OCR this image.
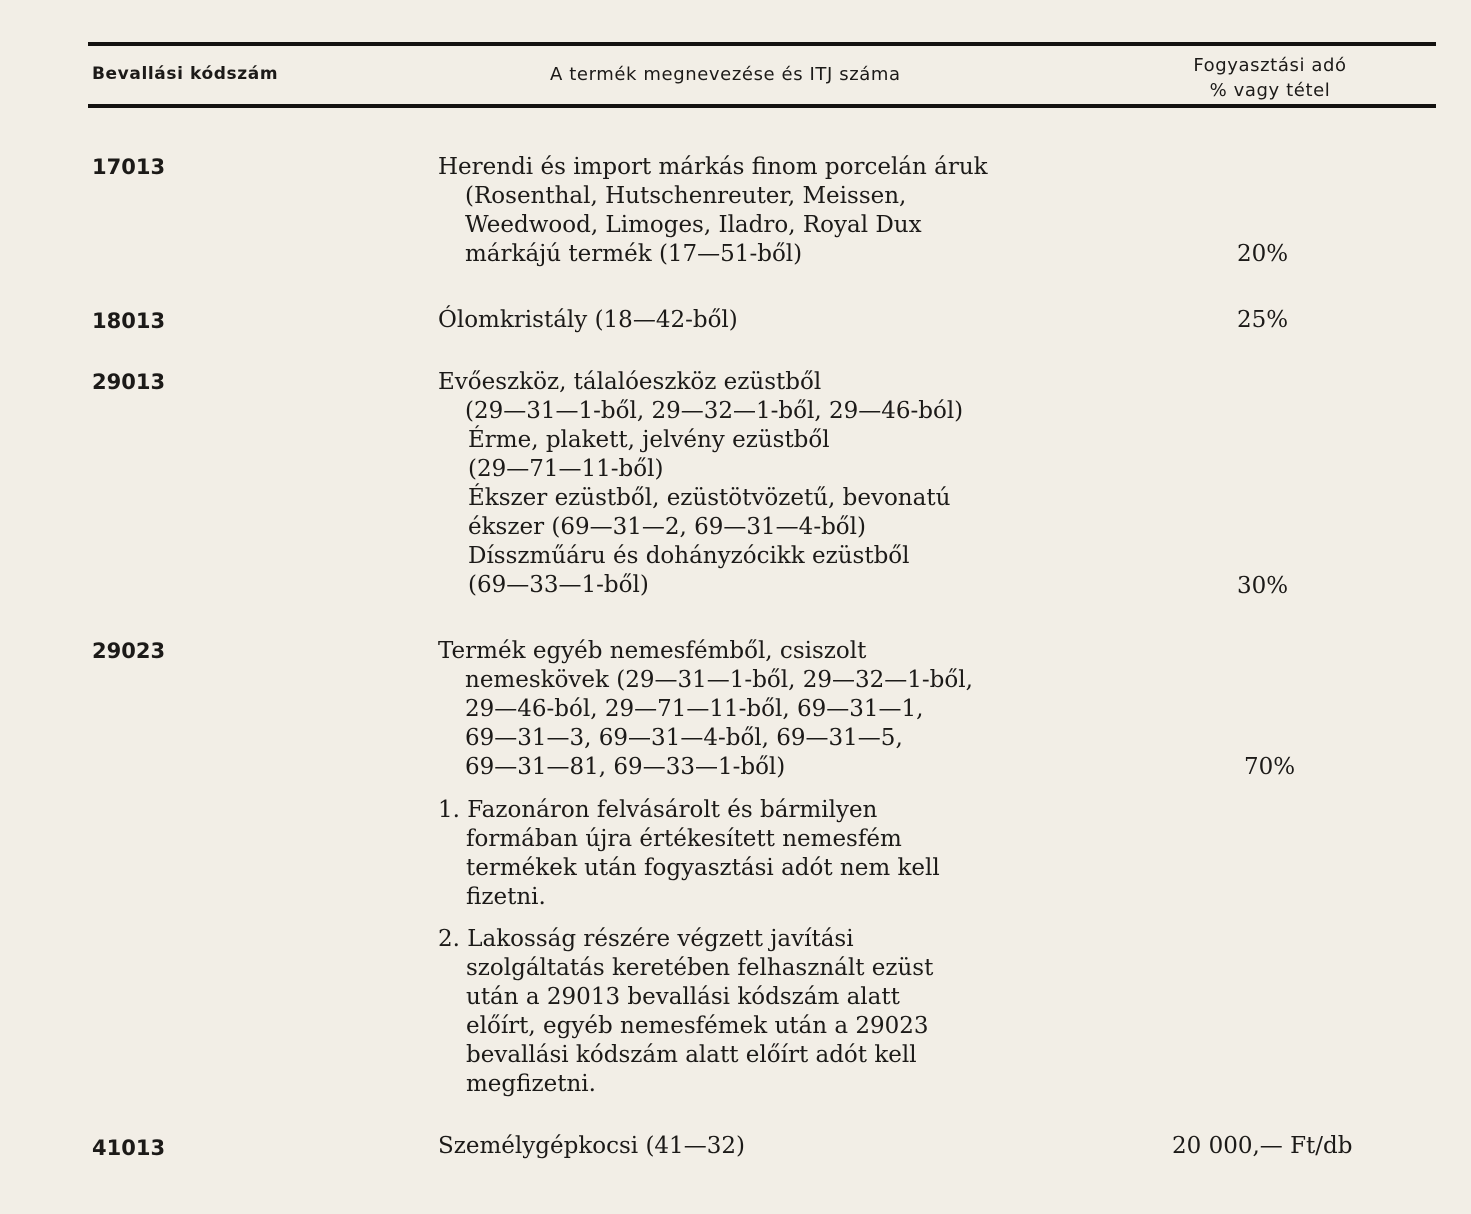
Bevallási kódszám	A termék megnevezése és ITJ száma	Fogyasztási adó
% vagy tétel
17013	Herendi és import márkás finom porcelán áruk
(Rosenthal, Hutschenreuter, Meissen,
Weedwood, Limoges, Iladro, Royal Dux
márkájú termék (17—51-ből)	20%
18013	Ólomkristály (18—42-ből)	25%
29013	Evőeszköz, tálalóeszköz ezüstből
(29—31—1-ből, 29—32—1-ből, 29—46-ból)
Érme, plakett, jelvény ezüstből
(29—71—11-ből)
Ékszer ezüstből, ezüstötvözetű, bevonatú
ékszer (69—31—2, 69—31—4-ből)
Dísszműáru és dohányzócikk ezüstből
(69—33—1-ből)	30%
29023	Termék egyéb nemesfémből, csiszolt
nemeskövek (29—31—1-ből, 29—32—1-ből,
29—46-ból, 29—71—11-ből, 69—31—1,
69—31—3, 69—31—4-ből, 69—31—5,
69—31—81, 69—33—1-ből)	70%
1. Fazonáron felvásárolt és bármilyen
formában újra értékesített nemesfém
termékek után fogyasztási adót nem kell
fizetni.
2. Lakosság részére végzett javítási
szolgáltatás keretében felhasznált ezüst
után a 29013 bevallási kódszám alatt
előírt, egyéb nemesfémek után a 29023
bevallási kódszám alatt előírt adót kell
megfizetni.
41013	Személygépkocsi (41—32)	20 000,— Ft/db
